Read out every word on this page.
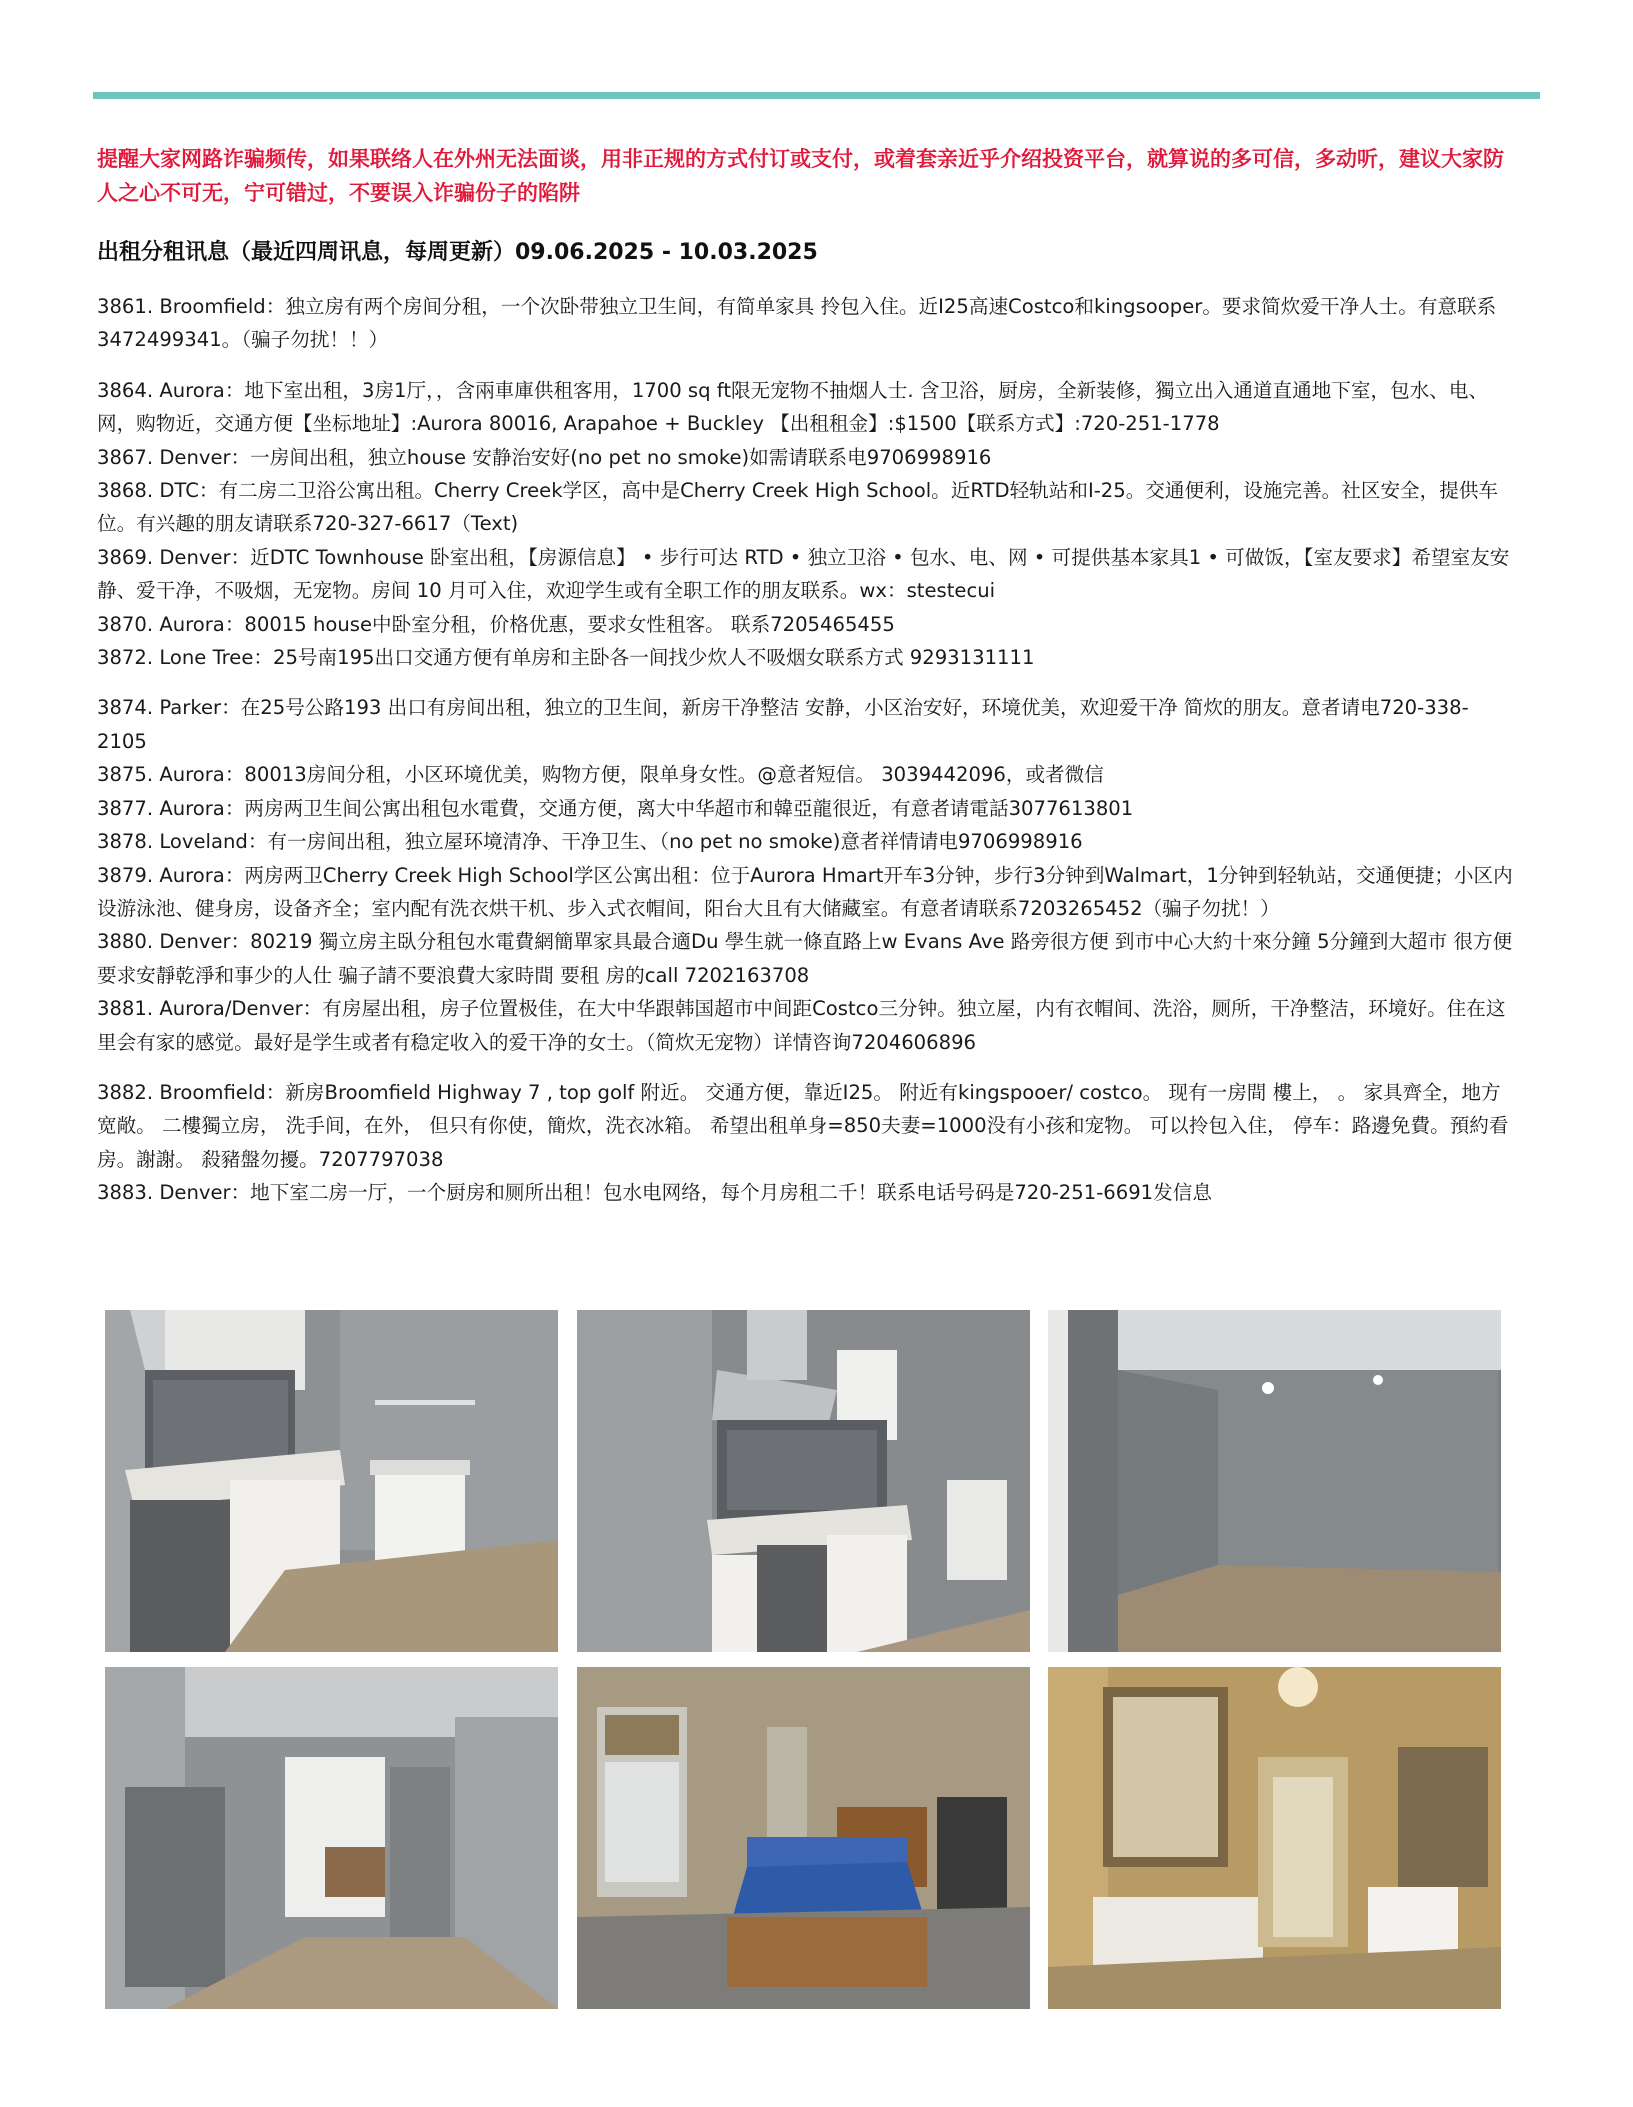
提醒大家网路诈骗频传，如果联络人在外州无法面谈，用非正规的方式付订或支付，或着套亲近乎介绍投资平台，就算说的多可信，多动听，建议大家防人之心不可无，宁可错过，不要误入诈骗份子的陷阱
出租分租讯息（最近四周讯息，每周更新）09.06.2025 - 10.03.2025

3861. Broomfield：独立房有两个房间分租，一个次卧带独立卫生间，有简单家具 拎包入住。近I25高速Costco和kingsooper。要求简炊爱干净人士。有意联系3472499341。（骗子勿扰！！）

3864. Aurora：地下室出租，3房1厅，，含兩車庫供租客用，1700 sq ft限无宠物不抽烟人士. 含卫浴，厨房，全新装修，獨立出入通道直通地下室，包水、电、网，购物近，交通方便【坐标地址】:Aurora 80016, Arapahoe + Buckley 【出租租金】:$1500【联系方式】:720-251-1778

3867. Denver：一房间出租，独立house 安静治安好(no pet no smoke)如需请联系电9706998916

3868. DTC：有二房二卫浴公寓出租。Cherry Creek学区，高中是Cherry Creek High School。近RTD轻轨站和I-25。交通便利，设施完善。社区安全，提供车位。有兴趣的朋友请联系720-327-6617（Text)

3869. Denver：近DTC Townhouse 卧室出租，【房源信息】 • 步行可达 RTD • 独立卫浴 • 包水、电、网 • 可提供基本家具1 • 可做饭，【室友要求】希望室友安静、爱干净，不吸烟，无宠物。房间 10 月可入住，欢迎学生或有全职工作的朋友联系。wx：stestecui

3870. Aurora：80015 house中卧室分租，价格优惠，要求女性租客。 联系7205465455

3872. Lone Tree：25号南195出口交通方便有单房和主卧各一间找少炊人不吸烟女联系方式 9293131111

3874. Parker：在25号公路193 出口有房间出租，独立的卫生间，新房干净整洁 安静，小区治安好，环境优美，欢迎爱干净 简炊的朋友。意者请电720-338-2105

3875. Aurora：80013房间分租，小区环境优美，购物方便，限单身女性。@意者短信。 3039442096，或者微信

3877. Aurora：两房两卫生间公寓出租包水電費，交通方便，离大中华超市和韓亞龍很近，有意者请電話3077613801

3878. Loveland：有一房间出租，独立屋环境清净、干净卫生、（no pet no smoke)意者祥情请电9706998916

3879. Aurora：两房两卫Cherry Creek High School学区公寓出租：位于Aurora Hmart开车3分钟，步行3分钟到Walmart，1分钟到轻轨站，交通便捷；小区内设游泳池、健身房，设备齐全；室内配有洗衣烘干机、步入式衣帽间，阳台大且有大储藏室。有意者请联系7203265452（骗子勿扰！）

3880. Denver：80219 獨立房主臥分租包水電費網簡單家具最合適Du 學生就一條直路上w Evans Ave 路旁很方便 到市中心大約十來分鐘 5分鐘到大超市 很方便 要求安靜乾淨和事少的人仕 骗子請不要浪費大家時間 要租 房的call 7202163708

3881. Aurora/Denver：有房屋出租，房子位置极佳，在大中华跟韩国超市中间距Costco三分钟。独立屋，内有衣帽间、洗浴，厕所，干净整洁，环境好。住在这里会有家的感觉。最好是学生或者有稳定收入的爱干净的女士。（简炊无宠物）详情咨询7204606896

3882. Broomfield：新房Broomfield Highway 7 , top golf 附近。 交通方便，靠近I25。 附近有kingspooer/ costco。 现有一房間 樓上， 。 家具齊全，地方宽敞。 二樓獨立房， 洗手间，在外， 但只有你使，簡炊，洗衣冰箱。 希望出租单身=850夫妻=1000没有小孩和宠物。 可以拎包入住， 停车：路邊免費。預約看房。謝謝。 殺豬盤勿擾。7207797038

3883. Denver：地下室二房一厅，一个厨房和厕所出租！包水电网络，每个月房租二千！联系电话号码是720-251-6691发信息
